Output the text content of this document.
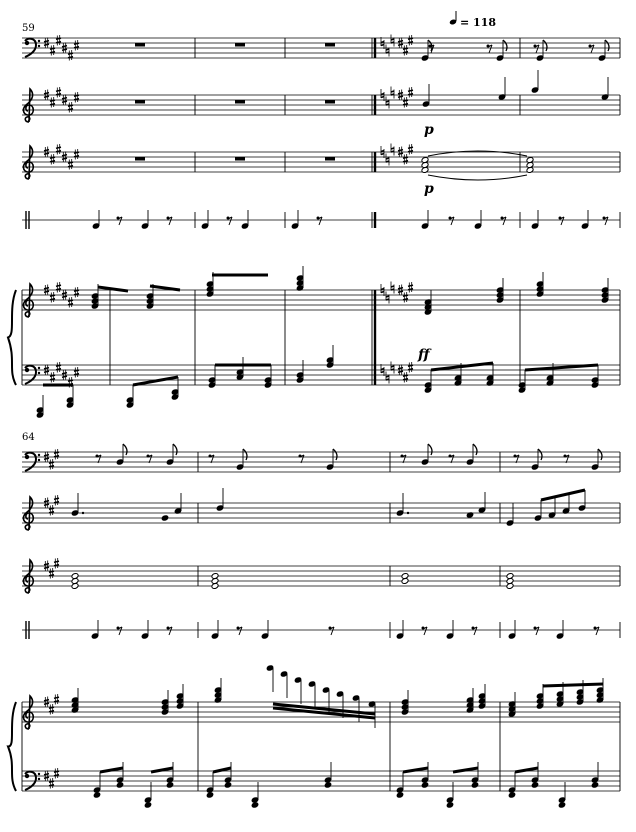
59	= 118
p
p
ff
64
